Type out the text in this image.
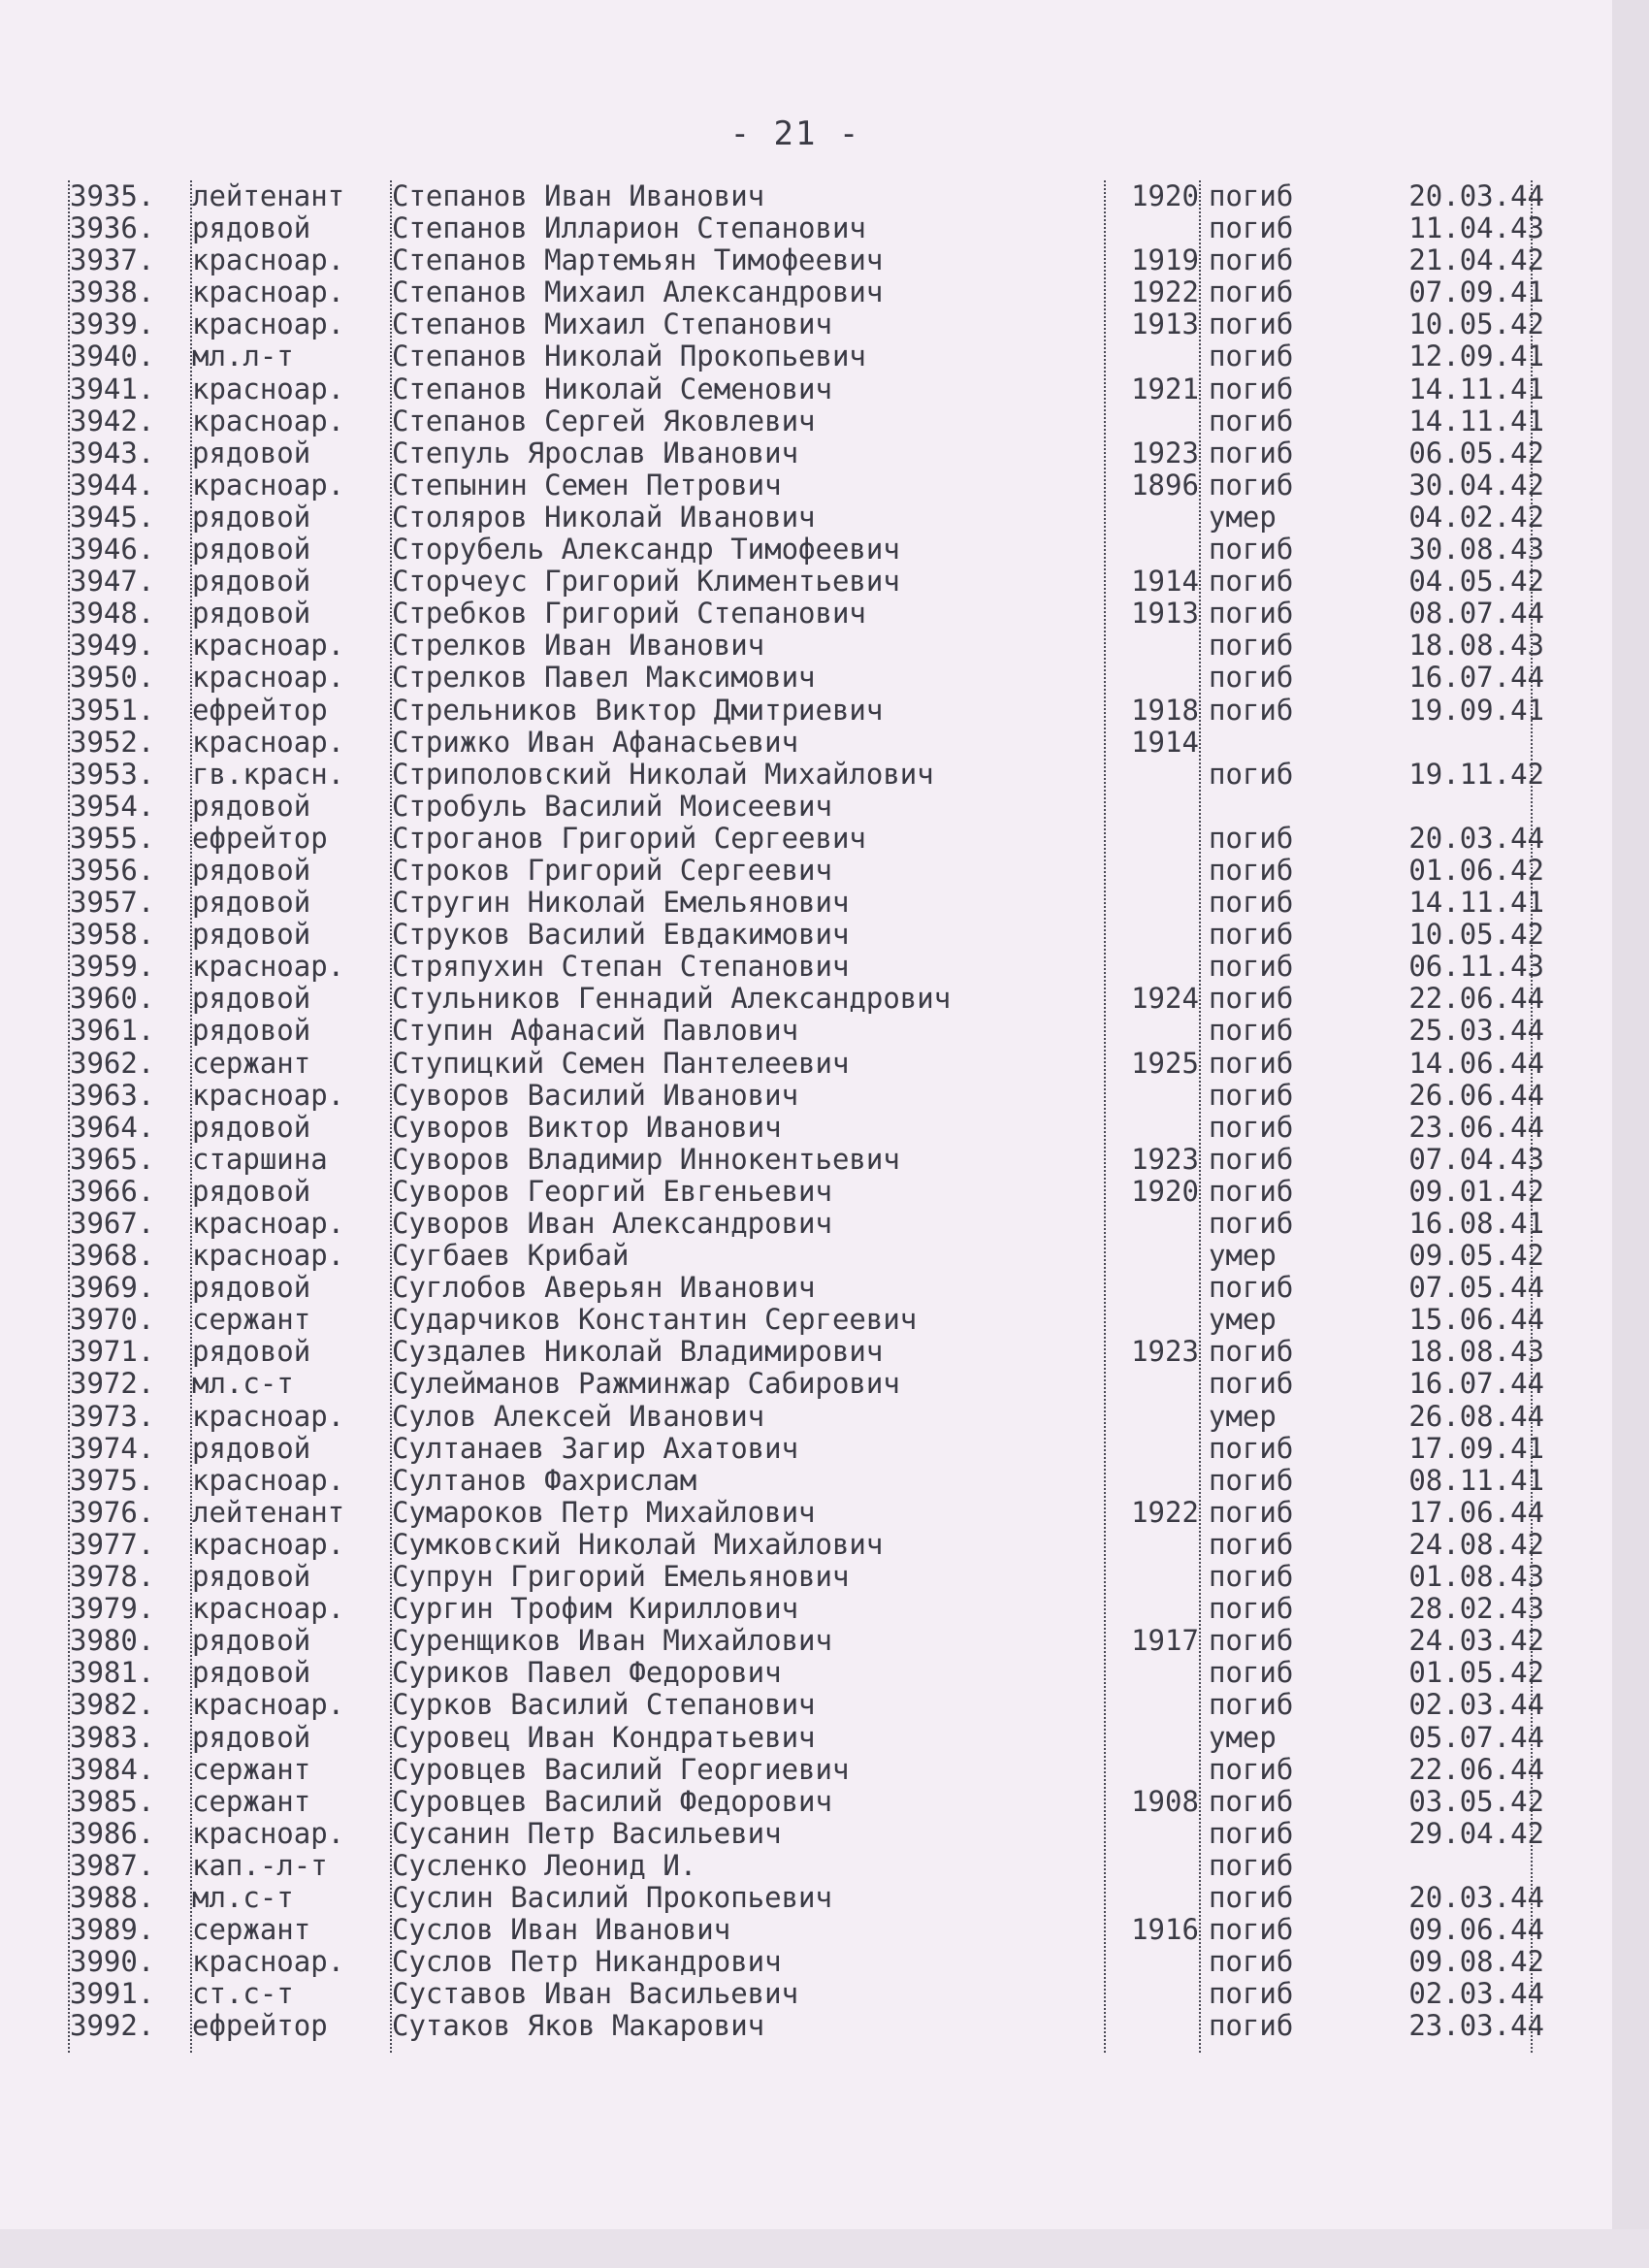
- 21 -
3935.	лейтенант	Степанов Иван Иванович	1920 погиб	20.03.44
3936.	рядовой	Степанов Илларион Степанович	погиб	11.04.43
3937.	красноар.	Степанов Мартемьян Тимофеевич	1919 погиб	21.04.42
3938.	красноар.	Степанов Михаил Александрович	1922 погиб	07.09.41
3939.	красноар.	Степанов Михаил Степанович	1913 погиб	10.05.42
3940.	мл.л-т	Степанов Николай Прокопьевич	погиб	12.09.41
3941.	красноар.	Степанов Николай Семенович	1921 погиб	14.11.41
3942.	красноар.	Степанов Сергей Яковлевич	погиб	14.11.41
3943.	рядовой	Степуль Ярослав Иванович	1923 погиб	06.05.42
3944.	красноар.	Степынин Семен Петрович	1896 погиб	30.04.42
3945.	рядовой	Столяров Николай Иванович	умер	04.02.42
3946.	рядовой	Сторубель Александр Тимофеевич	погиб	30.08.43
3947.	рядовой	Сторчеус Григорий Климентьевич	1914 погиб	04.05.42
3948.	рядовой	Стребков Григорий Степанович	1913 погиб	08.07.44
3949.	красноар.	Стрелков Иван Иванович	погиб	18.08.43
3950.	красноар.	Стрелков Павел Максимович	погиб	16.07.44
3951.	ефрейтор	Стрельников Виктор Дмитриевич	1918 погиб	19.09.41
3952.	красноар.	Стрижко Иван Афанасьевич	1914
3953.	гв.красн.	Стриполовский Николай Михайлович	погиб	19.11.42
3954.	рядовой	Стробуль Василий Моисеевич
3955.	ефрейтор	Строганов Григорий Сергеевич	погиб	20.03.44
3956.	рядовой	Строков Григорий Сергеевич	погиб	01.06.42
3957.	рядовой	Стругин Николай Емельянович	погиб	14.11.41
3958.	рядовой	Струков Василий Евдакимович	погиб	10.05.42
3959.	красноар.	Стряпухин Степан Степанович	погиб	06.11.43
3960.	рядовой	Стульников Геннадий Александрович	1924 погиб	22.06.44
3961.	рядовой	Ступин Афанасий Павлович	погиб	25.03.44
3962.	сержант	Ступицкий Семен Пантелеевич	1925 погиб	14.06.44
3963.	красноар.	Суворов Василий Иванович	погиб	26.06.44
3964.	рядовой	Суворов Виктор Иванович	погиб	23.06.44
3965.	старшина	Суворов Владимир Иннокентьевич	1923 погиб	07.04.43
3966.	рядовой	Суворов Георгий Евгеньевич	1920 погиб	09.01.42
3967.	красноар.	Суворов Иван Александрович	погиб	16.08.41
3968.	красноар.	Сугбаев Крибай	умер	09.05.42
3969.	рядовой	Суглобов Аверьян Иванович	погиб	07.05.44
3970.	сержант	Сударчиков Константин Сергеевич	умер	15.06.44
3971.	рядовой	Суздалев Николай Владимирович	1923 погиб	18.08.43
3972.	мл.с-т	Сулейманов Ражминжар Сабирович	погиб	16.07.44
3973.	красноар.	Сулов Алексей Иванович	умер	26.08.44
3974.	рядовой	Султанаев Загир Ахатович	погиб	17.09.41
3975.	красноар.	Султанов Фахрислам	погиб	08.11.41
3976.	лейтенант	Сумароков Петр Михайлович	1922 погиб	17.06.44
3977.	красноар.	Сумковский Николай Михайлович	погиб	24.08.42
3978.	рядовой	Супрун Григорий Емельянович	погиб	01.08.43
3979.	красноар.	Сургин Трофим Кириллович	погиб	28.02.43
3980.	рядовой	Суренщиков Иван Михайлович	1917 погиб	24.03.42
3981.	рядовой	Суриков Павел Федорович	погиб	01.05.42
3982.	красноар.	Сурков Василий Степанович	погиб	02.03.44
3983.	рядовой	Суровец Иван Кондратьевич	умер	05.07.44
3984.	сержант	Суровцев Василий Георгиевич	погиб	22.06.44
3985.	сержант	Суровцев Василий Федорович	1908 погиб	03.05.42
3986.	красноар.	Сусанин Петр Васильевич	погиб	29.04.42
3987.	кап.-л-т	Сусленко Леонид И.	погиб
3988.	мл.с-т	Суслин Василий Прокопьевич	погиб	20.03.44
3989.	сержант	Суслов Иван Иванович	1916 погиб	09.06.44
3990.	красноар.	Суслов Петр Никандрович	погиб	09.08.42
3991.	ст.с-т	Суставов Иван Васильевич	погиб	02.03.44
3992.	ефрейтор	Сутаков Яков Макарович	погиб	23.03.44
